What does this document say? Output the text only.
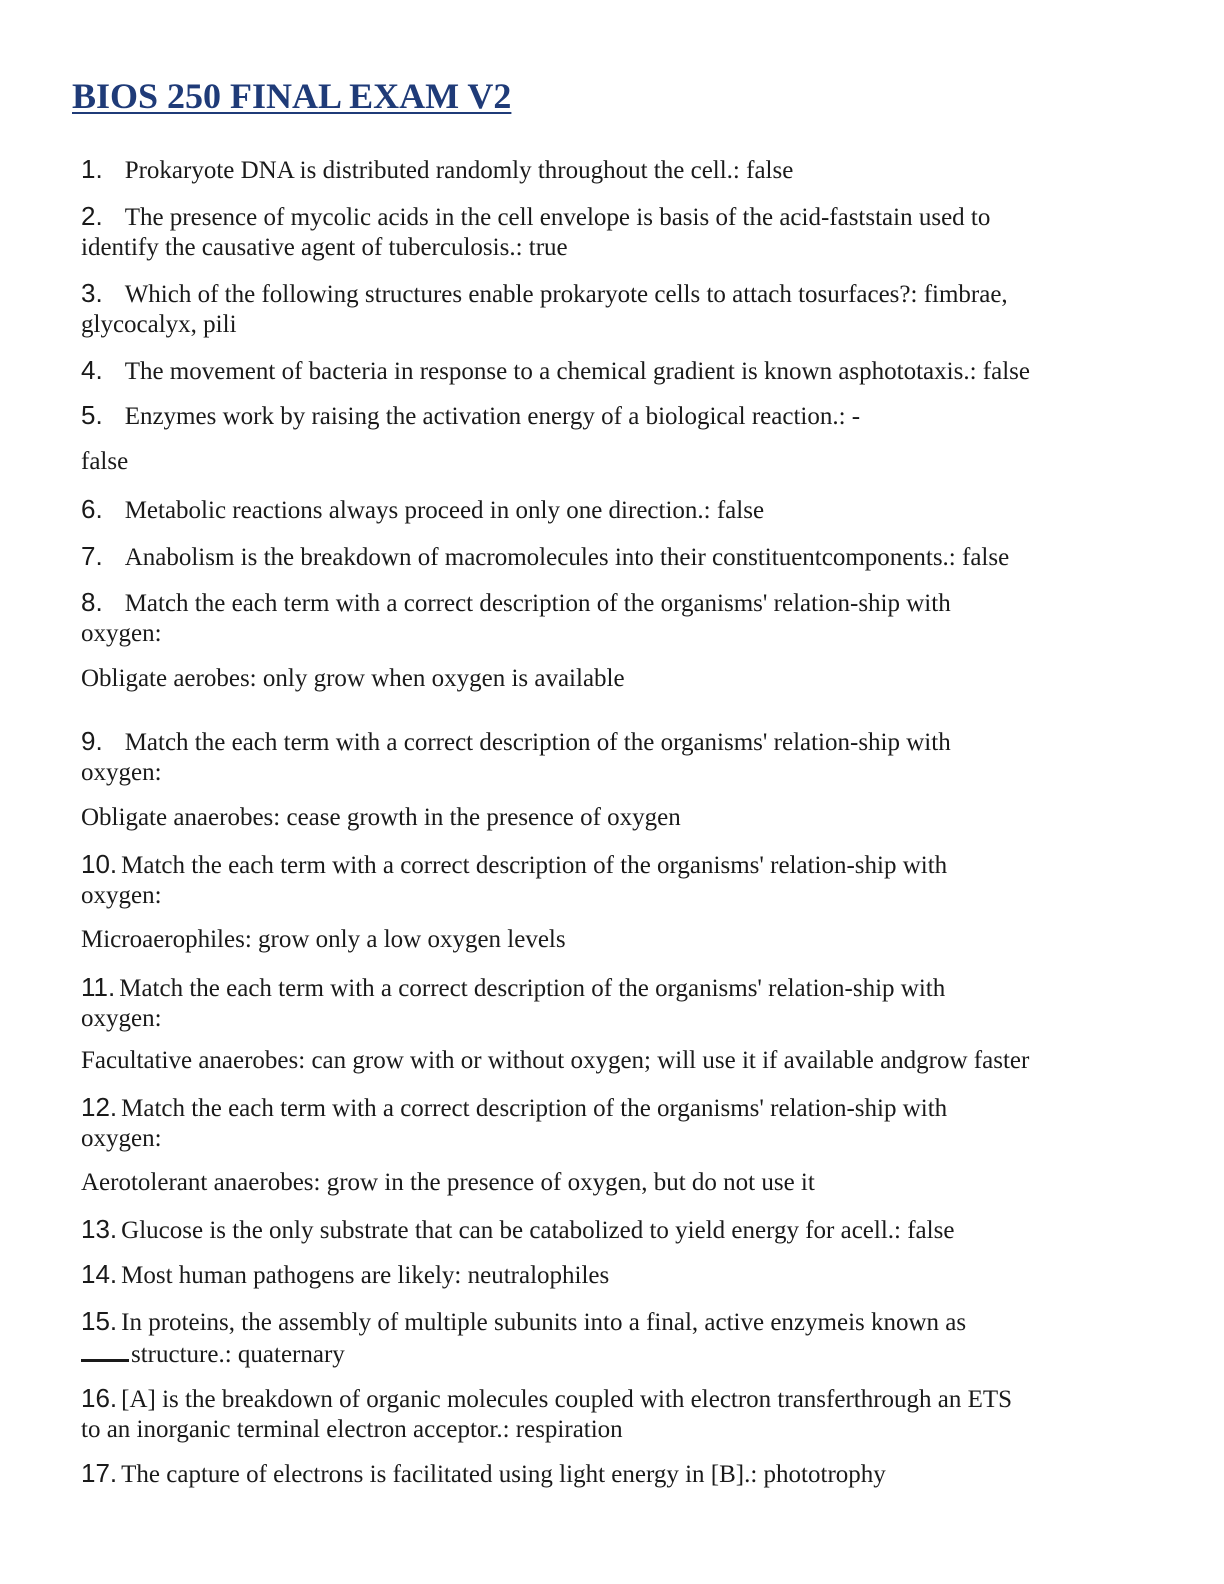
BIOS 250 FINAL EXAM V2

1. Prokaryote DNA is distributed randomly throughout the cell.: false

2. The presence of mycolic acids in the cell envelope is basis of the acid-faststain used to

identify the causative agent of tuberculosis.: true

3. Which of the following structures enable prokaryote cells to attach tosurfaces?: fimbrae,

glycocalyx, pili

4. The movement of bacteria in response to a chemical gradient is known asphototaxis.: false

5. Enzymes work by raising the activation energy of a biological reaction.: -

false

6. Metabolic reactions always proceed in only one direction.: false

7. Anabolism is the breakdown of macromolecules into their constituentcomponents.: false

8. Match the each term with a correct description of the organisms' relation-ship with

oxygen:

Obligate aerobes: only grow when oxygen is available

9. Match the each term with a correct description of the organisms' relation-ship with

oxygen:

Obligate anaerobes: cease growth in the presence of oxygen

10. Match the each term with a correct description of the organisms' relation-ship with

oxygen:

Microaerophiles: grow only a low oxygen levels

11. Match the each term with a correct description of the organisms' relation-ship with

oxygen:

Facultative anaerobes: can grow with or without oxygen; will use it if available andgrow faster

12. Match the each term with a correct description of the organisms' relation-ship with

oxygen:

Aerotolerant anaerobes: grow in the presence of oxygen, but do not use it

13. Glucose is the only substrate that can be catabolized to yield energy for acell.: false

14. Most human pathogens are likely: neutralophiles

15. In proteins, the assembly of multiple subunits into a final, active enzymeis known as

structure.: quaternary

16. [A] is the breakdown of organic molecules coupled with electron transferthrough an ETS

to an inorganic terminal electron acceptor.: respiration

17. The capture of electrons is facilitated using light energy in [B].: phototrophy
